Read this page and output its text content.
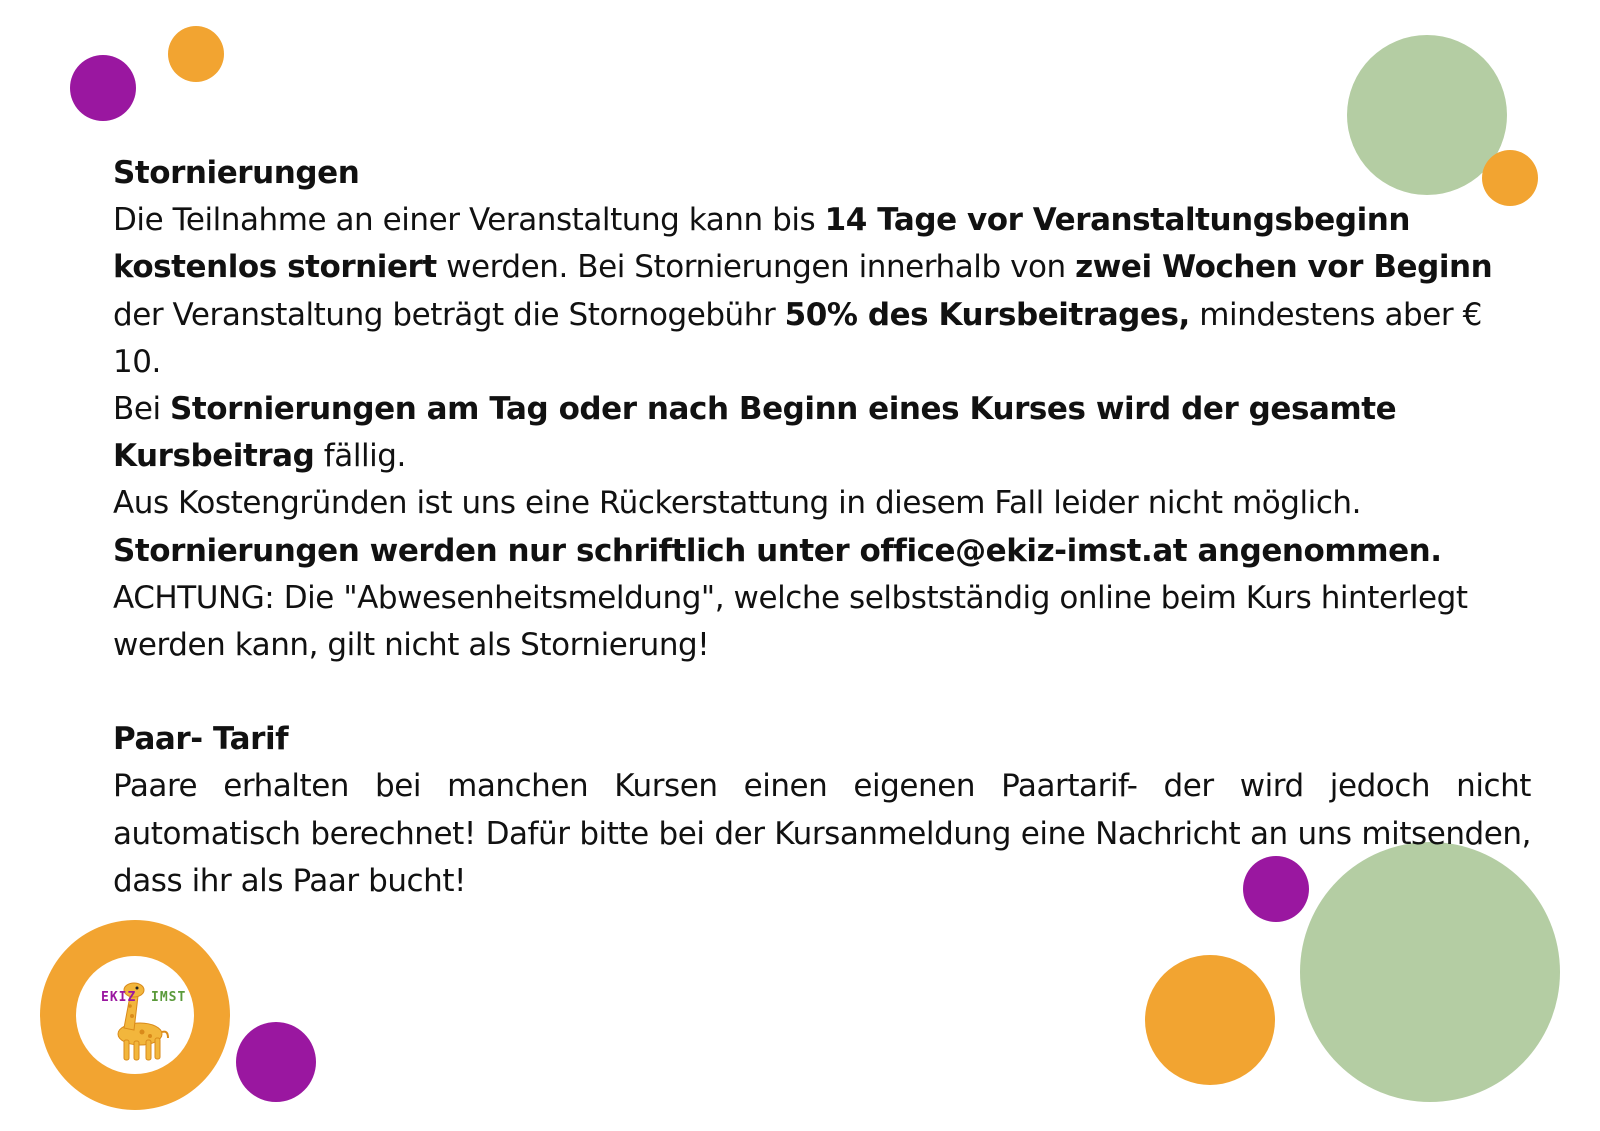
EKIZ IMST
Stornierungen

Die Teilnahme an einer Veranstaltung kann bis 14 Tage vor Veranstaltungsbeginn kostenlos storniert werden. Bei Stornierungen innerhalb von zwei Wochen vor Beginn der Veranstaltung beträgt die Stornogebühr 50% des Kursbeitrages, mindestens aber € 10.

Bei Stornierungen am Tag oder nach Beginn eines Kurses wird der gesamte Kursbeitrag fällig.

Aus Kostengründen ist uns eine Rückerstattung in diesem Fall leider nicht möglich.

Stornierungen werden nur schriftlich unter office@ekiz-imst.at angenommen.

ACHTUNG: Die "Abwesenheitsmeldung", welche selbstständig online beim Kurs hinterlegt werden kann, gilt nicht als Stornierung!

Paar- Tarif

Paare erhalten bei manchen Kursen einen eigenen Paartarif- der wird jedoch nicht automatisch berechnet! Dafür bitte bei der Kursanmeldung eine Nachricht an uns mitsenden, dass ihr als Paar bucht!
